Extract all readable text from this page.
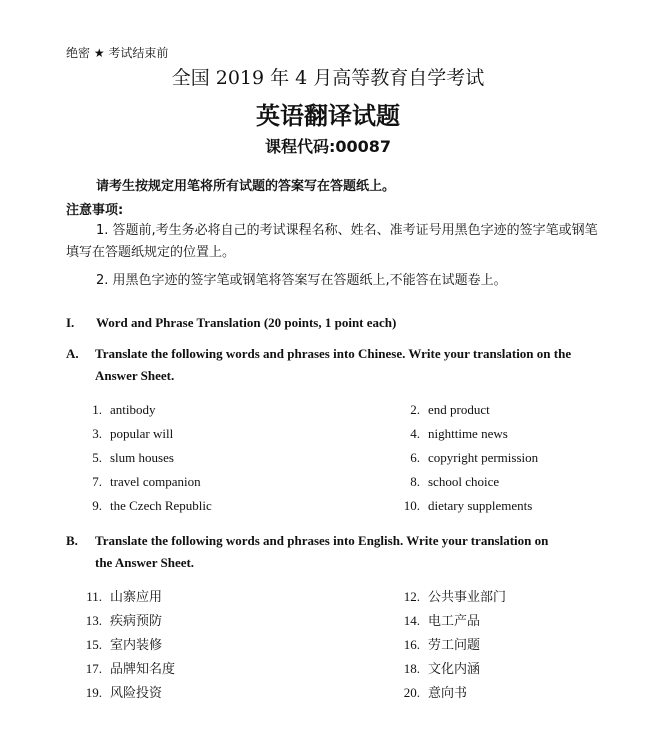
绝密 ★ 考试结束前
全国 2019 年 4 月高等教育自学考试
英语翻译试题
课程代码:00087
请考生按规定用笔将所有试题的答案写在答题纸上。
注意事项:
1. 答题前,考生务必将自己的考试课程名称、姓名、准考证号用黑色字迹的签字笔或钢笔
填写在答题纸规定的位置上。
2. 用黑色字迹的签字笔或钢笔将答案写在答题纸上,不能答在试题卷上。
I. Word and Phrase Translation (20 points, 1 point each)
A. Translate the following words and phrases into Chinese. Write your translation on the
Answer Sheet.
1. antibody	2. end product
3. popular will	4. nighttime news
5. slum houses	6. copyright permission
7. travel companion	8. school choice
9. the Czech Republic	10. dietary supplements
B. Translate the following words and phrases into English. Write your translation on
the Answer Sheet.
11. 山寨应用	12. 公共事业部门
13. 疾病预防	14. 电工产品
15. 室内装修	16. 劳工问题
17. 品牌知名度	18. 文化内涵
19. 风险投资	20. 意向书
